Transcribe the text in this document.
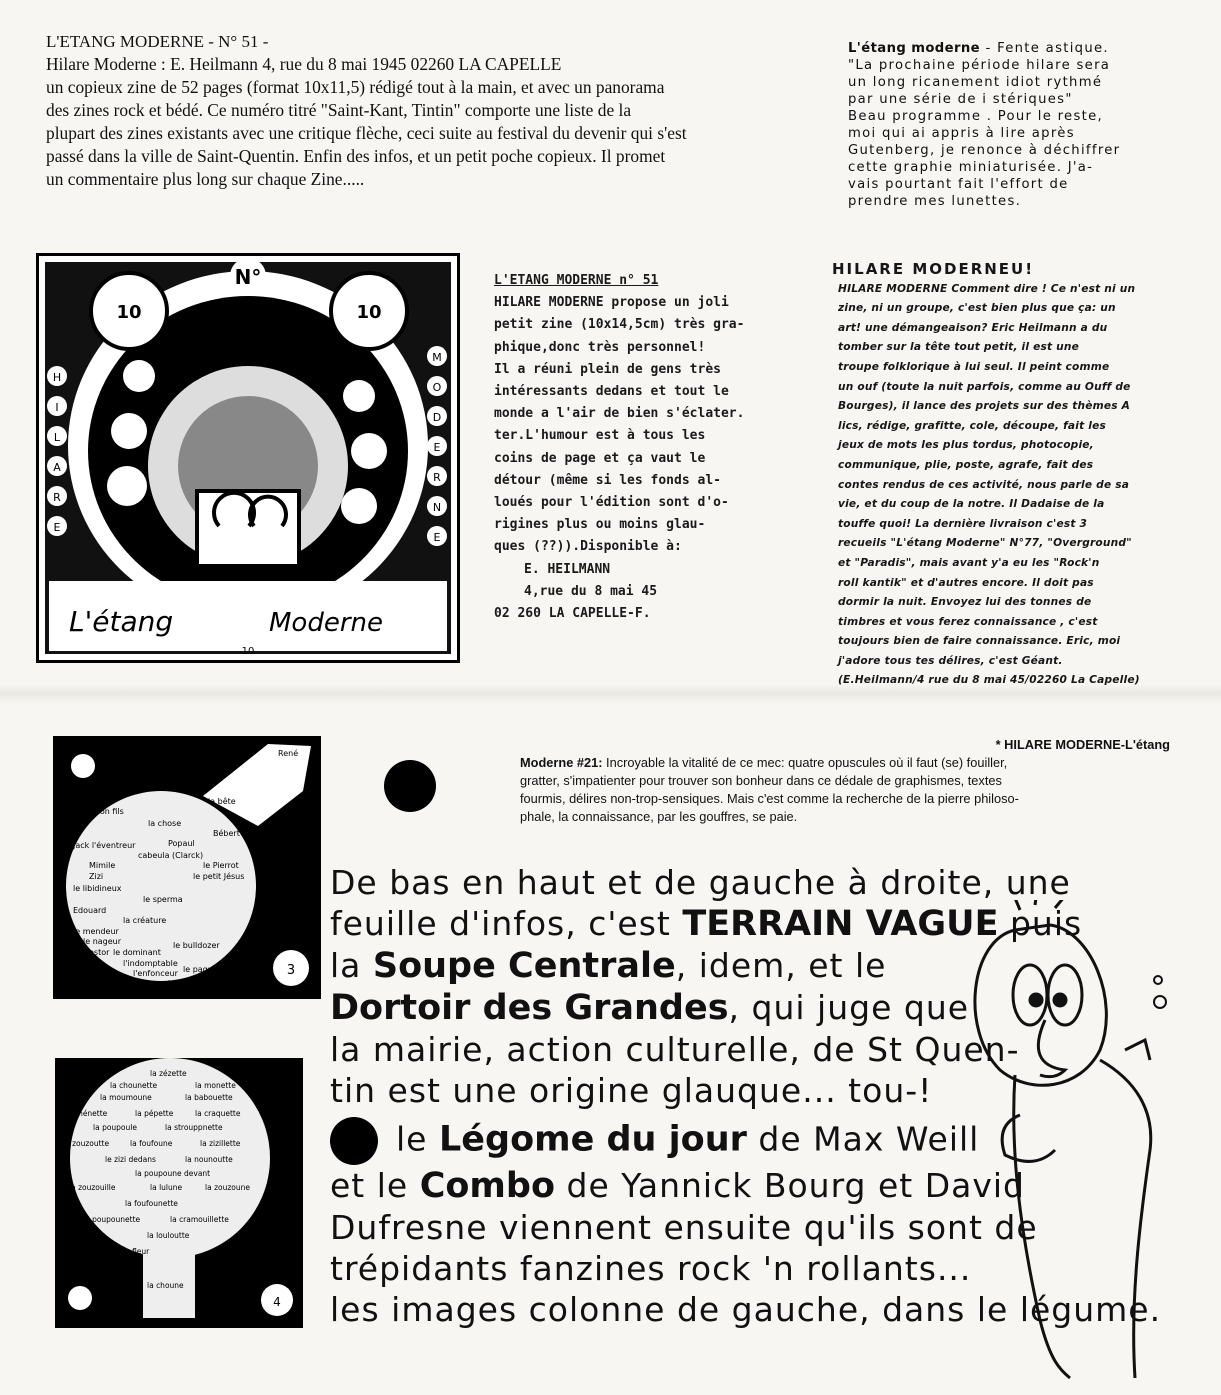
L'ETANG MODERNE - N° 51 -

Hilare Moderne : E. Heilmann 4, rue du 8 mai 1945 02260 LA CAPELLE

un copieux zine de 52 pages (format 10x11,5) rédigé tout à la main, et avec un panorama

des zines rock et bédé. Ce numéro titré "Saint-Kant, Tintin" comporte une liste de la

plupart des zines existants avec une critique flèche, ceci suite au festival du devenir qui s'est

passé dans la ville de Saint-Quentin. Enfin des infos, et un petit poche copieux. Il promet

un commentaire plus long sur chaque Zine.....

L'étang moderne - Fente astique.
"La prochaine période hilare sera
un long ricanement idiot rythmé
par une série de i stériques"
Beau programme . Pour le reste,
moi qui ai appris à lire après
Gutenberg, je renonce à déchiffrer
cette graphie miniaturisée. J'a-
vais pourtant fait l'effort de
prendre mes lunettes.
10	10
N°
H
I
L
A
R
E
M
O
D
E
R
N
E
L'étang	Moderne
10
L'ETANG MODERNE n° 51
HILARE MODERNE propose un joli
petit zine (10x14,5cm) très gra-
phique,donc très personnel!
Il a réuni plein de gens très
intéressants dedans et tout le
monde a l'air de bien s'éclater.
ter.L'humour est à tous les
coins de page et ça vaut le
détour (même si les fonds al-
loués pour l'édition sont d'o-
rigines plus ou moins glau-
ques (??)).Disponible à:
E. HEILMANN
4,rue du 8 mai 45
02 260 LA CAPELLE-F.
HILARE MODERNEU!
HILARE MODERNE Comment dire ! Ce n'est ni un
zine, ni un groupe, c'est bien plus que ça: un
art! une démangeaison? Eric Heilmann a du
tomber sur la tête tout petit, il est une
troupe folklorique à lui seul. Il peint comme
un ouf (toute la nuit parfois, comme au Ouff de
Bourges), il lance des projets sur des thèmes A
lics, rédige, grafitte, cole, découpe, fait les
jeux de mots les plus tordus, photocopie,
communique, plie, poste, agrafe, fait des
contes rendus de ces activité, nous parle de sa
vie, et du coup de la notre. Il Dadaise de la
touffe quoi! La dernière livraison c'est 3
recueils "L'étang Moderne" N°77, "Overground"
et "Paradis", mais avant y'a eu les "Rock'n
roll kantik" et d'autres encore. Il doit pas
dormir la nuit. Envoyez lui des tonnes de
timbres et vous ferez connaissance , c'est
toujours bien de faire connaissance. Eric, moi
j'adore tous tes délires, c'est Géant.
(E.Heilmann/4 rue du 8 mai 45/02260 La Capelle)
René
Mon fils
la bête
la chose
Bébert
Jack l'éventreur	Popaul
cabeula (Clarck)
Mimile	le Pierrot
Zizi	le petit Jésus
le libidineux
le sperma
Edouard
la créature
le mendeur
le nageur
Nestor le dominant
le bulldozer
l'indomptable
l'enfonceur le paquet
la loche
3
la zézette
la chounette	la monette
la moumoune	la babouette
la nénette	la pépette	la craquette
la poupoule	la strouppnette
la zouzoutte	la foufoune	la zizillette
le zizi dedans	la nounoutte
la poupoune devant
la zouzouille	la lulune	la zouzoune
la foufounette
la poupounette	la cramouillette
la louloutte
la fleur
la choune
4
* HILARE MODERNE-L'étang
Moderne #21: Incroyable la vitalité de ce mec: quatre opuscules où il faut (se) fouiller,
gratter, s'impatienter pour trouver son bonheur dans ce dédale de graphismes, textes
fourmis, délires non-trop-sensiques. Mais c'est comme la recherche de la pierre philoso-
phale, la connaissance, par les gouffres, se paie.
De bas en haut et de gauche à droite, une
feuille d'infos, c'est TERRAIN VAGUE puis
la Soupe Centrale, idem, et le
Dortoir des Grandes, qui juge que
la mairie, action culturelle, de St Quen-
tin est une origine glauque... tou-!
le Légome du jour de Max Weill
et le Combo de Yannick Bourg et David
Dufresne viennent ensuite qu'ils sont de
trépidants fanzines rock 'n rollants...
les images colonne de gauche, dans le légume.
